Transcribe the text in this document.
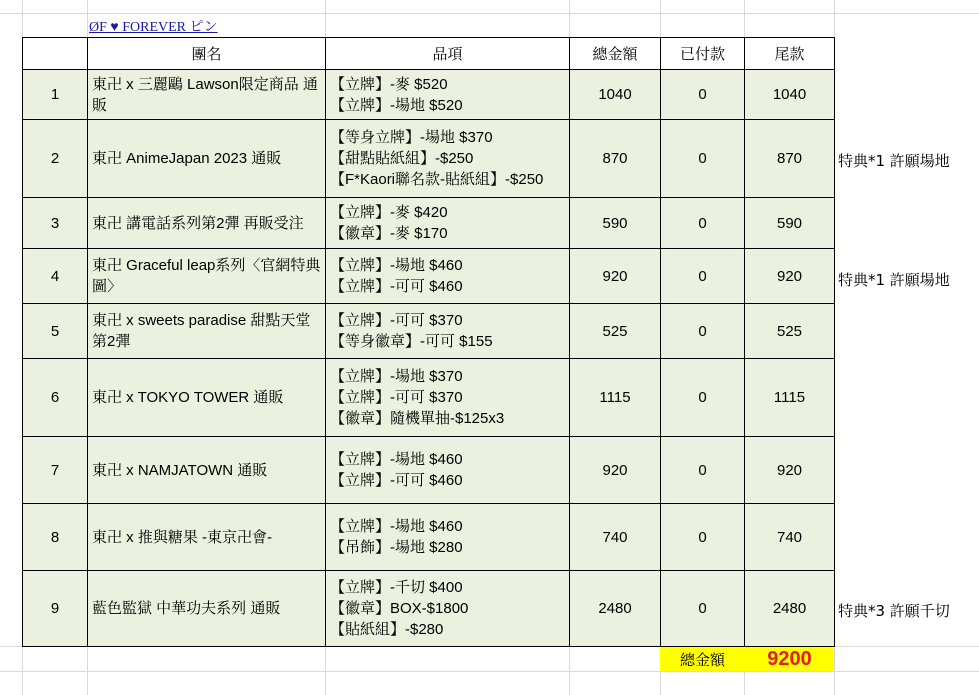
ØF ♥ FOREVER ピン
	團名	品項	總金額	已付款	尾款
1	東卍 x 三麗鷗 Lawson限定商品 通販	【立牌】-麥 $520
【立牌】-場地 $520	1040	0	1040
2	東卍 AnimeJapan 2023 通販	【等身立牌】-場地 $370
【甜點貼紙組】-$250
【F*Kaori聯名款-貼紙組】-$250	870	0	870
3	東卍 講電話系列第2彈 再販受注	【立牌】-麥 $420
【徽章】-麥 $170	590	0	590
4	東卍 Graceful leap系列〈官網特典圖〉	【立牌】-場地 $460
【立牌】-可可 $460	920	0	920
5	東卍 x sweets paradise 甜點天堂 第2彈	【立牌】-可可 $370
【等身徽章】-可可 $155	525	0	525
6	東卍 x TOKYO TOWER 通販	【立牌】-場地 $370
【立牌】-可可 $370
【徽章】隨機單抽-$125x3	1115	0	1115
7	東卍 x NAMJATOWN 通販	【立牌】-場地 $460
【立牌】-可可 $460	920	0	920
8	東卍 x 推與糖果 -東京卍會-	【立牌】-場地 $460
【吊飾】-場地 $280	740	0	740
9	藍色監獄 中華功夫系列 通販	【立牌】-千切 $400
【徽章】BOX-$1800
【貼紙組】-$280	2480	0	2480
特典*1 許願場地
特典*1 許願場地
特典*3 許願千切
總金額	9200
